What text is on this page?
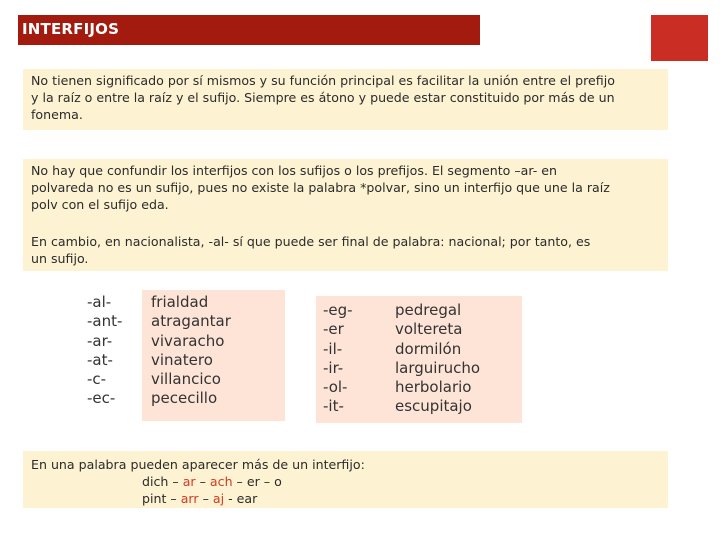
INTERFIJOS
No tienen significado por sí mismos y su función principal es facilitar la unión entre el prefijo
y la raíz o entre la raíz y el sufijo. Siempre es átono y puede estar constituido por más de un
fonema.
No hay que confundir los interfijos con los sufijos o los prefijos. El segmento –ar- en
polvareda no es un sufijo, pues no existe la palabra *polvar, sino un interfijo que une la raíz
polv con el sufijo eda.
En cambio, en nacionalista, -al- sí que puede ser final de palabra: nacional; por tanto, es
un sufijo.
-al-
-ant-
-ar-
-at-
-c-
-ec-
frialdad
atragantar
vivaracho
vinatero
villancico
pececillo
-eg-
-er
-il-
-ir-
-ol-
-it-
pedregal
voltereta
dormilón
larguirucho
herbolario
escupitajo
En una palabra pueden aparecer más de un interfijo:
dich – ar – ach – er – o
pint – arr – aj - ear
